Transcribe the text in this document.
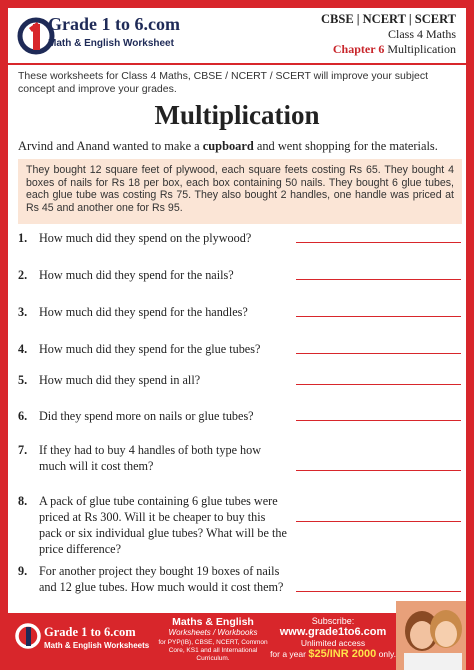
Grade 1 to 6.com
Math & English Worksheet
CBSE | NCERT | SCERT
Class 4 Maths
Chapter 6 Multiplication
These worksheets for Class 4 Maths, CBSE / NCERT / SCERT will improve your subject concept and improve your grades.
Multiplication
Arvind and Anand wanted to make a cupboard and went shopping for the materials.
They bought 12 square feet of plywood, each square feets costing Rs 65. They bought 4 boxes of nails for Rs 18 per box, each box containing 50 nails. They bought 6 glue tubes, each glue tube was costing Rs 75. They also bought 2 handles, one handle was priced at Rs 45 and another one for Rs 95.
1. How much did they spend on the plywood?
2. How much did they spend for the nails?
3. How much did they spend for the handles?
4. How much did they spend for the glue tubes?
5. How much did they spend in all?
6. Did they spend more on nails or glue tubes?
7. If they had to buy 4 handles of both type how much will it cost them?
8. A pack of glue tube containing 6 glue tubes were priced at Rs 300. Will it be cheaper to buy this pack or six individual glue tubes? What will be the price difference?
9. For another project they bought 19 boxes of nails and 12 glue tubes. How much would it cost them?
Grade 1 to 6.com
Math & English Worksheets
Maths & English
Worksheets / Workbooks
for PYP(IB), CBSE, NCERT, Common Core, KS1 and all International Curriculum.
Subscribe:
www.grade1to6.com
Unlimited access
for a year $25/INR 2000 only.
